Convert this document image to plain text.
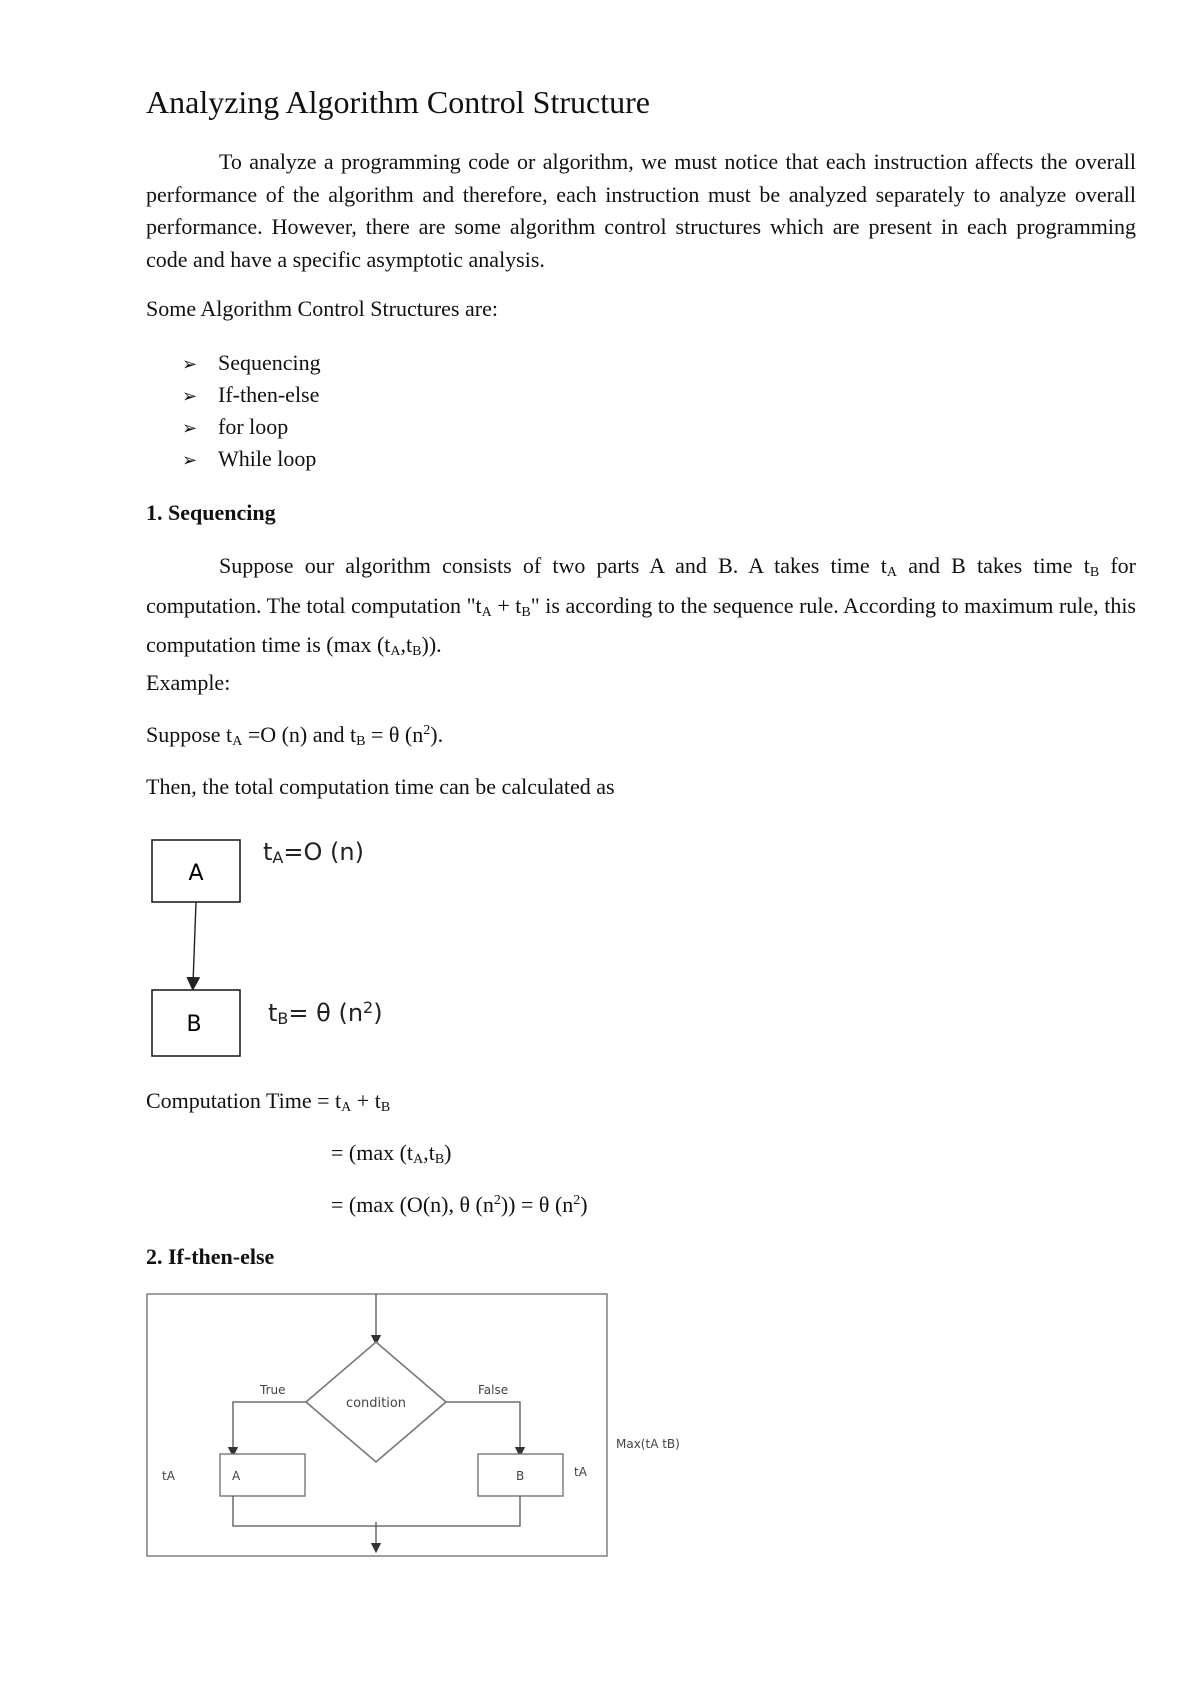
Analyzing Algorithm Control Structure

To analyze a programming code or algorithm, we must notice that each instruction affects the overall performance of the algorithm and therefore, each instruction must be analyzed separately to analyze overall performance. However, there are some algorithm control structures which are present in each programming code and have a specific asymptotic analysis.

Some Algorithm Control Structures are:

➢ Sequencing
➢ If-then-else
➢ for loop
➢ While loop

1. Sequencing

Suppose our algorithm consists of two parts A and B. A takes time $t_A$ and B takes time $t_B$ for computation. The total computation "$t_A + t_B$" is according to the sequence rule. According to maximum rule, this computation time is (max $(t_A,t_B)$).

Example:

Suppose $t_A =O$ (n) and $t_B = \theta$ $(n^2)$.

Then, the total computation time can be calculated as

A
B
$t_A=O$ (n)
$t_B= \theta$ $(n^2)$

Computation Time = $t_A + t_B$

= (max $(t_A,t_B)$

= (max (O(n), θ $(n^2)) = \theta$ $(n^2)$

2. If-then-else

condition
True	False
A	B
tA	tA
Max(tA tB)
